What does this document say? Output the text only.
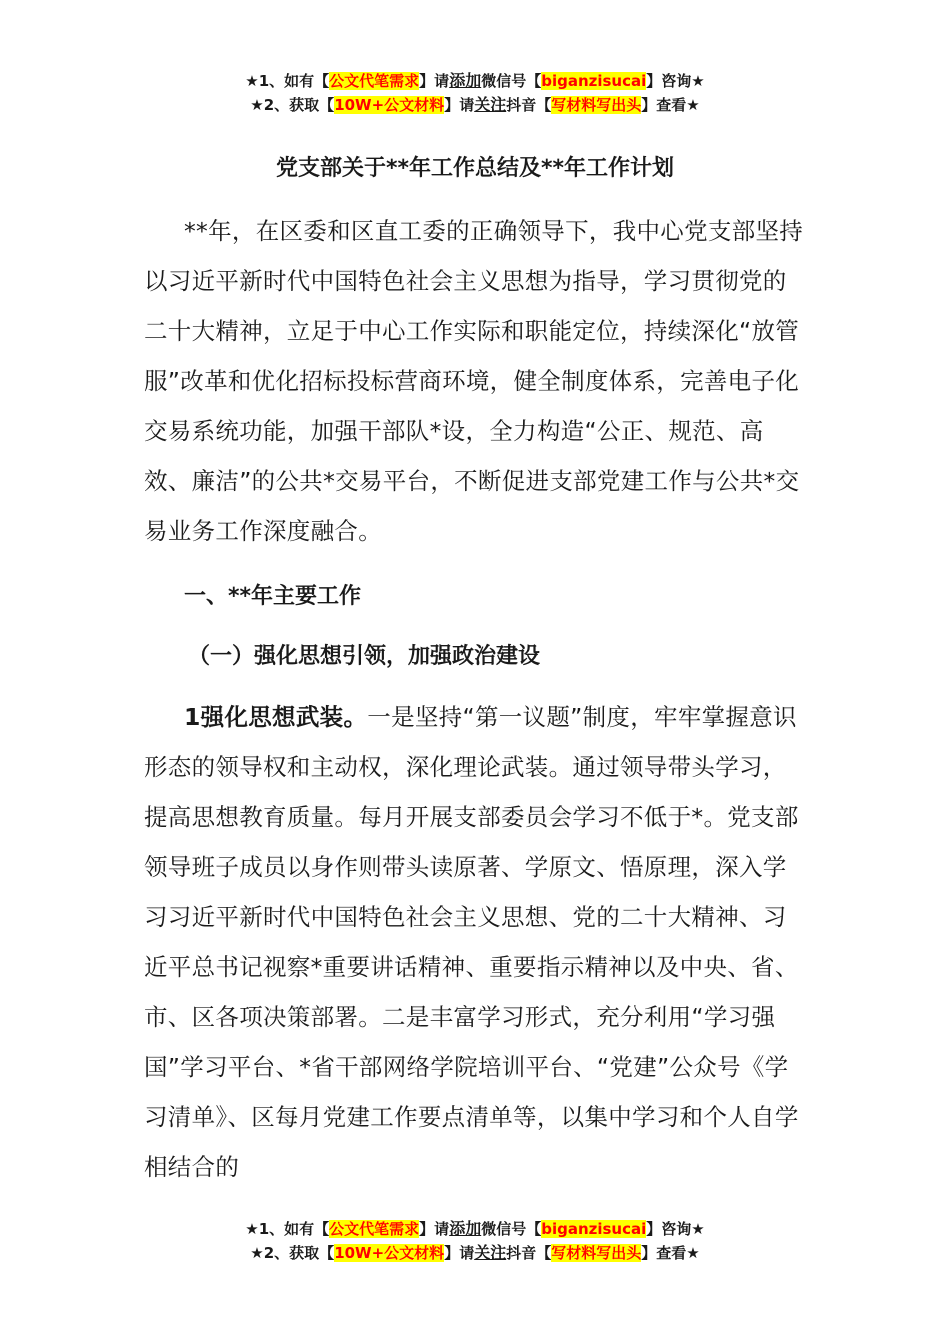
★1、如有【公文代笔需求】请添加微信号【biganzisucai】咨询★
★2、获取【10W+公文材料】请关注抖音【写材料写出头】查看★
党支部关于**年工作总结及**年工作计划

**年，在区委和区直工委的正确领导下，我中心党支部坚持以习近平新时代中国特色社会主义思想为指导，学习贯彻党的二十大精神，立足于中心工作实际和职能定位，持续深化“放管服”改革和优化招标投标营商环境，健全制度体系，完善电子化交易系统功能，加强干部队*设，全力构造“公正、规范、高效、廉洁”的公共*交易平台，不断促进支部党建工作与公共*交易业务工作深度融合。

一、**年主要工作
（一）强化思想引领，加强政治建设

1强化思想武装。一是坚持“第一议题”制度，牢牢掌握意识形态的领导权和主动权，深化理论武装。通过领导带头学习，提高思想教育质量。每月开展支部委员会学习不低于*。党支部领导班子成员以身作则带头读原著、学原文、悟原理，深入学习习近平新时代中国特色社会主义思想、党的二十大精神、习近平总书记视察*重要讲话精神、重要指示精神以及中央、省、市、区各项决策部署。二是丰富学习形式，充分利用“学习强国”学习平台、*省干部网络学院培训平台、“党建”公众号《学习清单》、区每月党建工作要点清单等，以集中学习和个人自学相结合的

★1、如有【公文代笔需求】请添加微信号【biganzisucai】咨询★
★2、获取【10W+公文材料】请关注抖音【写材料写出头】查看★
